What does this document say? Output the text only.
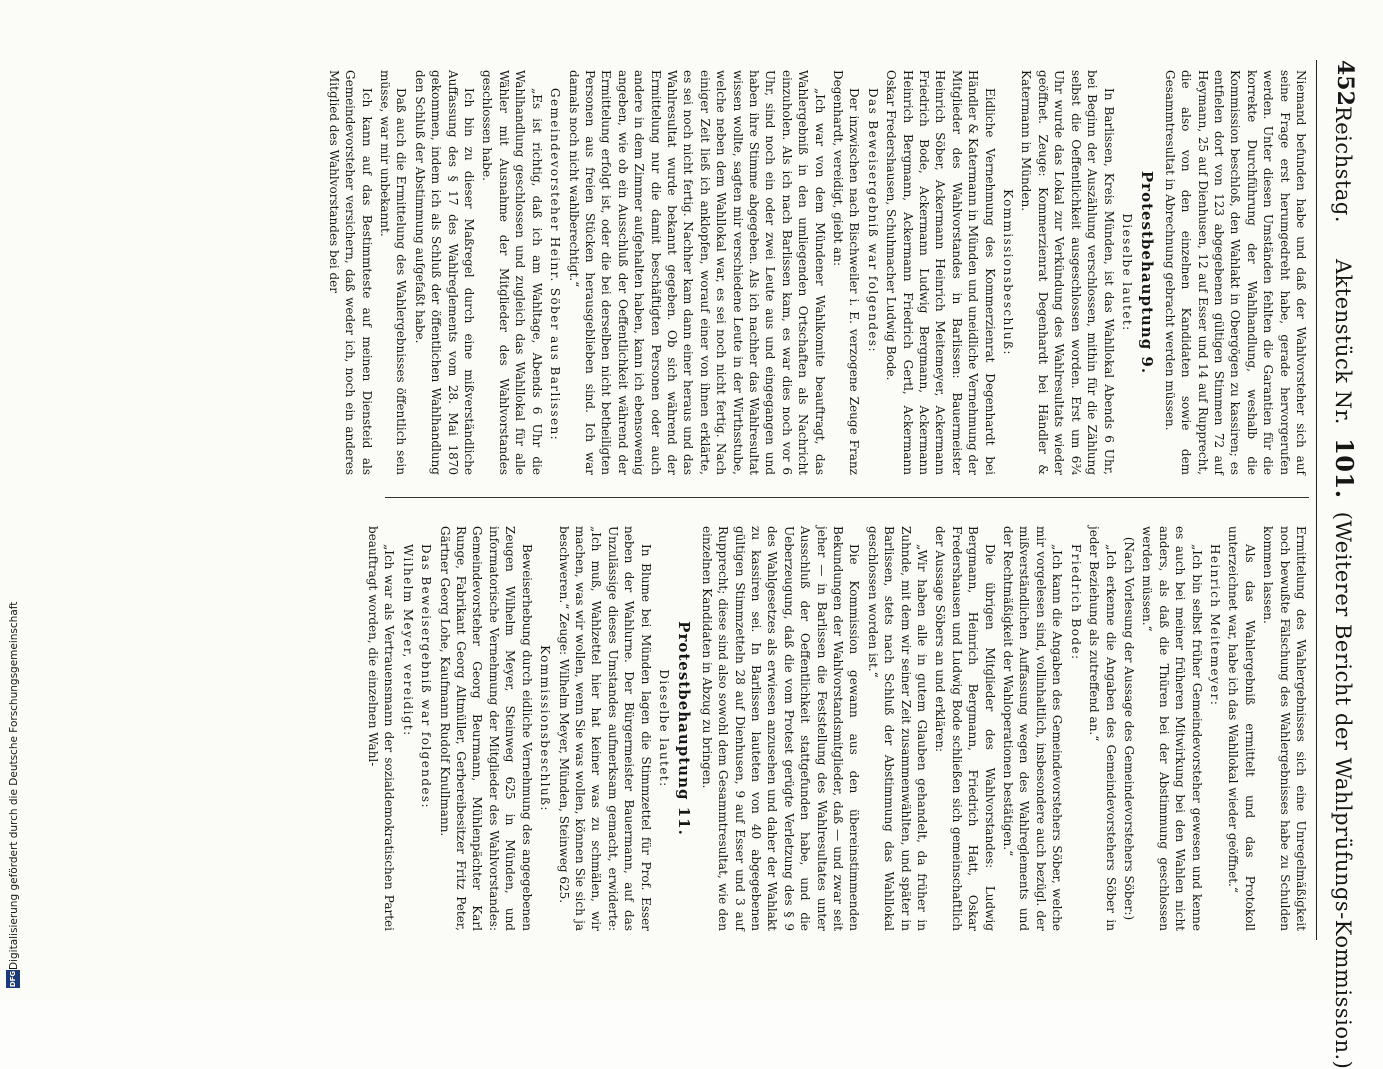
452
Reichstag.     Aktenstück Nr. 101. (Weiterer Bericht der Wahlprüfungs-Kommission.)

Niemand befunden habe und daß der Wahlvorsteher sich auf seine Frage erst herumgedreht habe, gerade hervorgerufen werden. Unter diesen Umständen fehlten die Garantien für die korrekte Durchführung der Wahlhandlung, weshalb die Kommission beschloß, den Wahlakt in Obergögen zu kassiren; es entfielen dort von 123 abgegebenen gültigen Stimmen 72 auf Heymann, 25 auf Dienhusen, 12 auf Esser und 14 auf Rupprecht, die also von den einzelnen Kandidaten sowie dem Gesammtresultat in Abrechnung gebracht werden müssen.

Protestbehauptung 9.

Dieselbe lautet:

In Barlissen, Kreis Münden, ist das Wahllokal Abends 6 Uhr, bei Beginn der Auszählung verschlossen, mithin für die Zählung selbst die Oeffentlichkeit ausgeschlossen worden. Erst um 6¾ Uhr wurde das Lokal zur Verkündung des Wahlresultats wieder geöffnet. Zeuge: Kommerzienrat Degenhardt bei Händler & Katermann in Münden.

Kommissionsbeschluß:

Eidliche Vernehmung des Kommerzienrat Degenhardt bei Händler & Katermann in Münden und uneidliche Vernehmung der Mitglieder des Wahlvorstandes in Barlissen: Bauermeister Heinrich Söber, Ackermann Heinrich Meitemeyer, Ackermann Friedrich Bode, Ackermann Ludwig Bergmann, Ackermann Heinrich Bergmann, Ackermann Friedrich Gertl, Ackermann Oskar Fredershausen, Schuhmacher Ludwig Bode.

Das Beweisergebniß war folgendes:

Der inzwischen nach Bischweiler i. E. verzogene Zeuge Franz Degenhardt, vereidigt, giebt an:

„Ich war von dem Mündener Wahlkomite beauftragt, das Wahlergebniß in den umliegenden Ortschaften als Nachricht einzuholen. Als ich nach Barlissen kam, es war dies noch vor 6 Uhr, sind noch ein oder zwei Leute aus und eingegangen und haben ihre Stimme abgegeben. Als ich nachher das Wahlresultat wissen wollte, sagten mir verschiedene Leute in der Wirthsstube, welche neben dem Wahllokal war, es sei noch nicht fertig. Nach einiger Zeit ließ ich anklopfen, worauf einer von ihnen erklärte, es sei noch nicht fertig. Nachher kam dann einer heraus und das Wahlresultat wurde bekannt gegeben. Ob sich während der Ermittelung nur die damit beschäftigten Personen oder auch andere in dem Zimmer aufgehalten haben, kann ich ebensowenig angeben, wie ob ein Ausschluß der Oeffentlichkeit während der Ermittelung erfolgt ist, oder die bei derselben nicht betheiligten Personen aus freien Stücken herausgeblieben sind. Ich war damals noch nicht wahlberechtigt.“

Gemeindevorsteher Heinr. Söber aus Barlissen:

„Es ist richtig, daß ich am Wahltage, Abends 6 Uhr die Wahlhandlung geschlossen und zugleich das Wahllokal für alle Wähler mit Ausnahme der Mitglieder des Wahlvorstandes geschlossen habe.

Ich bin zu dieser Maßregel durch eine mißverständliche Auffassung des § 17 des Wahlreglements vom 28. Mai 1870 gekommen, indem ich als Schluß der öffentlichen Wahlhandlung den Schluß der Abstimmung aufgefaßt habe.

Daß auch die Ermittelung des Wahlergebnisses öffentlich sein müsse, war mir unbekannt.

Ich kann auf das Bestimmteste auf meinen Diensteid als Gemeindevorsteher versichern, daß weder ich, noch ein anderes Mitglied des Wahlvorstandes bei der

Ermittelung des Wahlergebnisses sich eine Unregelmäßigkeit noch bewußte Fälschung des Wahlergebnisses habe zu Schulden kommen lassen.

Als das Wahlergebniß ermittelt und das Protokoll unterzeichnet war, habe ich das Wahllokal wieder geöffnet.“

Heinrich Meitemeyer:

„Ich bin selbst früher Gemeindevorsteher gewesen und kenne es auch bei meiner früheren Mitwirkung bei den Wahlen nicht anders, als daß die Thüren bei der Abstimmung geschlossen werden müssen.“

(Nach Vorlesung der Aussage des Gemeindevorstehers Söber:)

„Ich erkenne die Angaben des Gemeindevorstehers Söber in jeder Beziehung als zutreffend an.“

Friedrich Bode:

„Ich kann die Angaben des Gemeindevorstehers Söber, welche mir vorgelesen sind, vollinhaltlich, insbesondere auch bezügl. der mißverständlichen Auffassung wegen des Wahlreglements und der Rechtmäßigkeit der Wahloperationen bestätigen.“

Die übrigen Mitglieder des Wahlvorstandes: Ludwig Bergmann, Heinrich Bergmann, Friedrich Hatt, Oskar Fredershausen und Ludwig Bode schließen sich gemeinschaftlich der Aussage Söbers an und erklären:

„Wir haben alle in gutem Glauben gehandelt, da früher in Zuhnde, mit dem wir seiner Zeit zusammenwählten, und später in Barlissen, stets nach Schluß der Abstimmung das Wahllokal geschlossen worden ist.“

Die Kommission gewann aus den übereinstimmenden Bekundungen der Wahlvorstandsmitglieder, daß — und zwar seit jeher — in Barlissen die Feststellung des Wahlresultates unter Ausschluß der Oeffentlichkeit stattgefunden habe, und die Ueberzeugung, daß die vom Protest gerügte Verletzung des § 9 des Wahlgesetzes als erwiesen anzusehen und daher der Wahlakt zu kassiren sei. In Barlissen lauteten von 40 abgegebenen gültigen Stimmzetteln 28 auf Dienhusen, 9 auf Esser und 3 auf Rupprecht; diese sind also sowohl dem Gesammtresultat, wie den einzelnen Kandidaten in Abzug zu bringen.

Protestbehauptung 11.

Dieselbe lautet:

In Blume bei Münden lagen die Stimmzettel für Prof. Esser neben der Wahlurne. Der Bürgermeister Bauermann, auf das Unzulässige dieses Umstandes aufmerksam gemacht, erwiderte: „Ich muß, Wahlzettel hier hat keiner was zu schmälen, wir machen, was wir wollen, wenn Sie was wollen, können Sie sich ja beschweren.“ Zeuge: Wilhelm Meyer, Münden, Steinweg 625.

Kommissionsbeschluß:

Beweiserhebung durch eidliche Vernehmung des angegebenen Zeugen Wilhelm Meyer, Steinweg 625 in Münden, und informatorische Vernehmung der Mitglieder des Wahlvorstandes: Gemeindevorsteher Georg Beurmann, Mühlenpächter Karl Runge, Fabrikant Georg Altmüller, Gerbereibesitzer Fritz Peter, Gärtner Georg Lohe, Kaufmann Rudolf Knullmann.

Das Beweisergebniß war folgendes:

Wilhelm Meyer, vereidigt:

„Ich war als Vertrauensmann der sozialdemokratischen Partei beauftragt worden, die einzelnen Wahl-

Digitalisierung gefördert durch die Deutsche Forschungsgemeinschaft
DFG
